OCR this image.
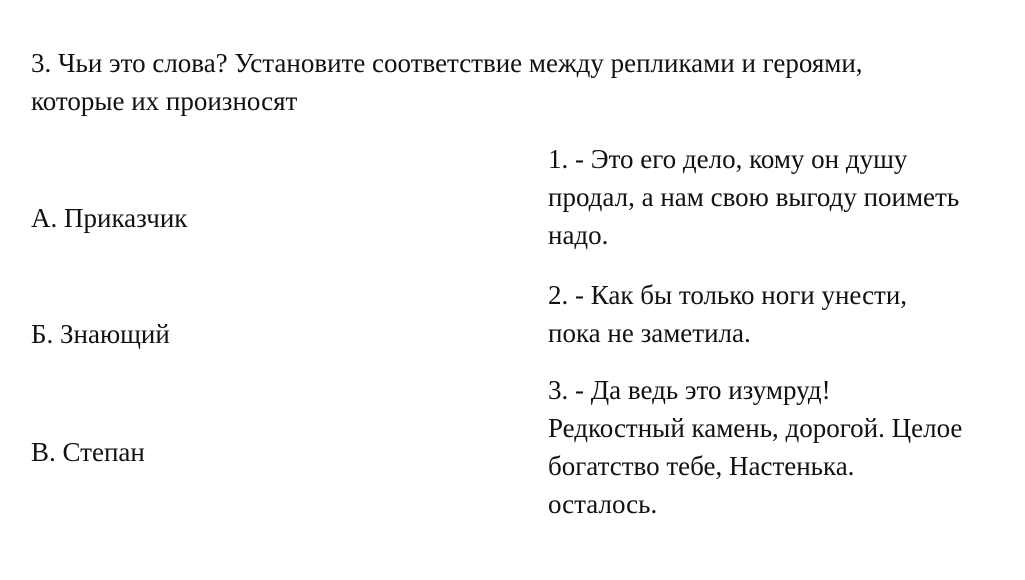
3. Чьи это слова? Установите соответствие между репликами и героями,
которые их произносят
А. Приказчик
Б. Знающий
В. Степан
1. - Это его дело, кому он душу
продал, а нам свою выгоду поиметь
надо.
2. - Как бы только ноги унести,
пока не заметила.
3. - Да ведь это изумруд!
Редкостный камень, дорогой. Целое
богатство тебе, Настенька.
осталось.
